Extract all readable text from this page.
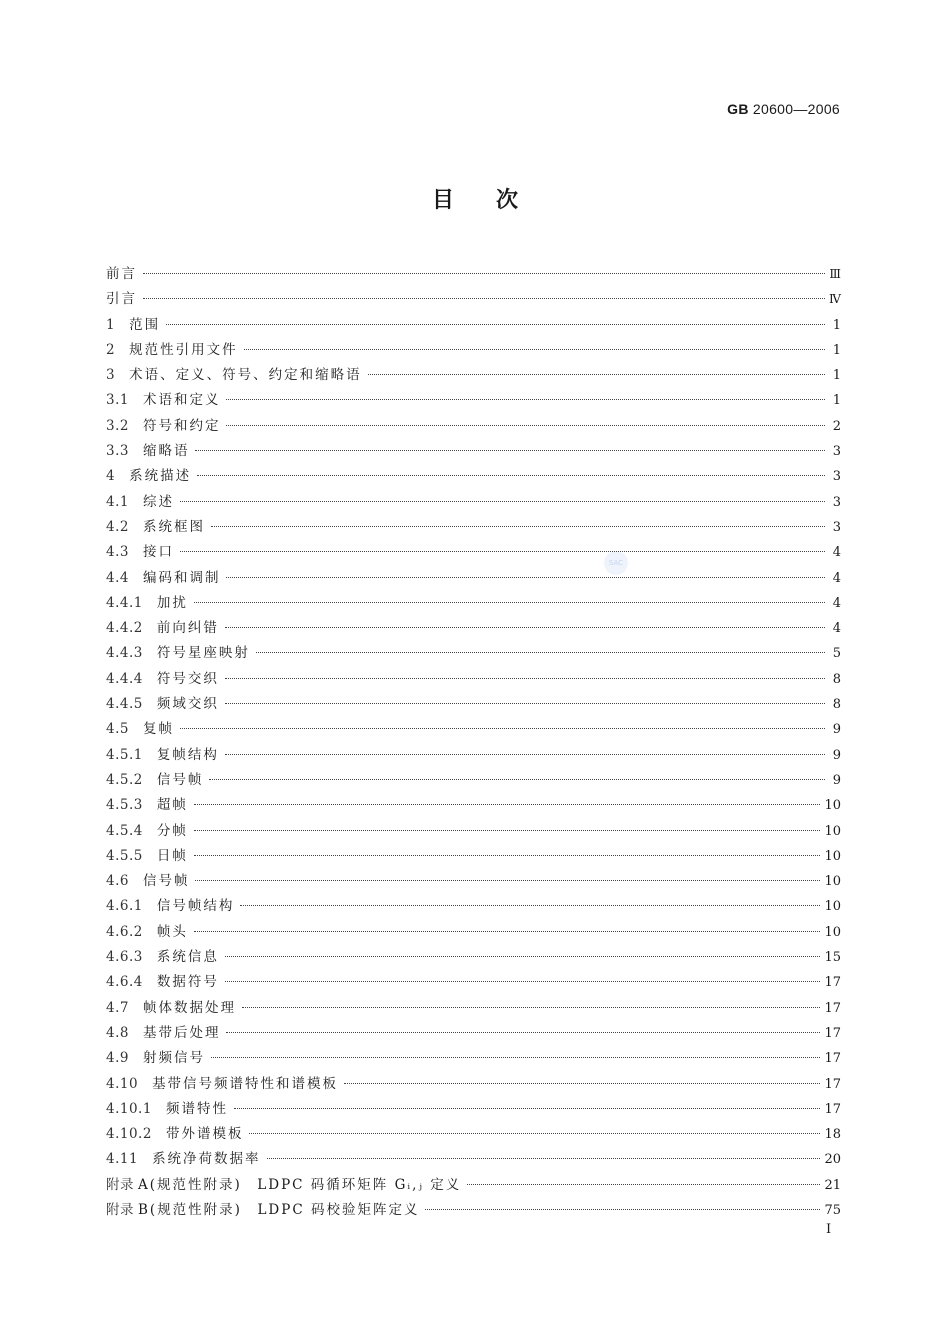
GB 20600—2006
目次
SAC
前言	Ⅲ
引言	Ⅳ
1 范围	1
2 规范性引用文件	1
3 术语、定义、符号、约定和缩略语	1
3.1 术语和定义	1
3.2 符号和约定	2
3.3 缩略语	3
4 系统描述	3
4.1 综述	3
4.2 系统框图	3
4.3 接口	4
4.4 编码和调制	4
4.4.1 加扰	4
4.4.2 前向纠错	4
4.4.3 符号星座映射	5
4.4.4 符号交织	8
4.4.5 频域交织	8
4.5 复帧	9
4.5.1 复帧结构	9
4.5.2 信号帧	9
4.5.3 超帧	10
4.5.4 分帧	10
4.5.5 日帧	10
4.6 信号帧	10
4.6.1 信号帧结构	10
4.6.2 帧头	10
4.6.3 系统信息	15
4.6.4 数据符号	17
4.7 帧体数据处理	17
4.8 基带后处理	17
4.9 射频信号	17
4.10 基带信号频谱特性和谱模板	17
4.10.1 频谱特性	17
4.10.2 带外谱模板	18
4.11 系统净荷数据率	20
附录 A(规范性附录)　LDPC 码循环矩阵 Gᵢ,ⱼ 定义	21
附录 B(规范性附录)　LDPC 码校验矩阵定义	75
I
